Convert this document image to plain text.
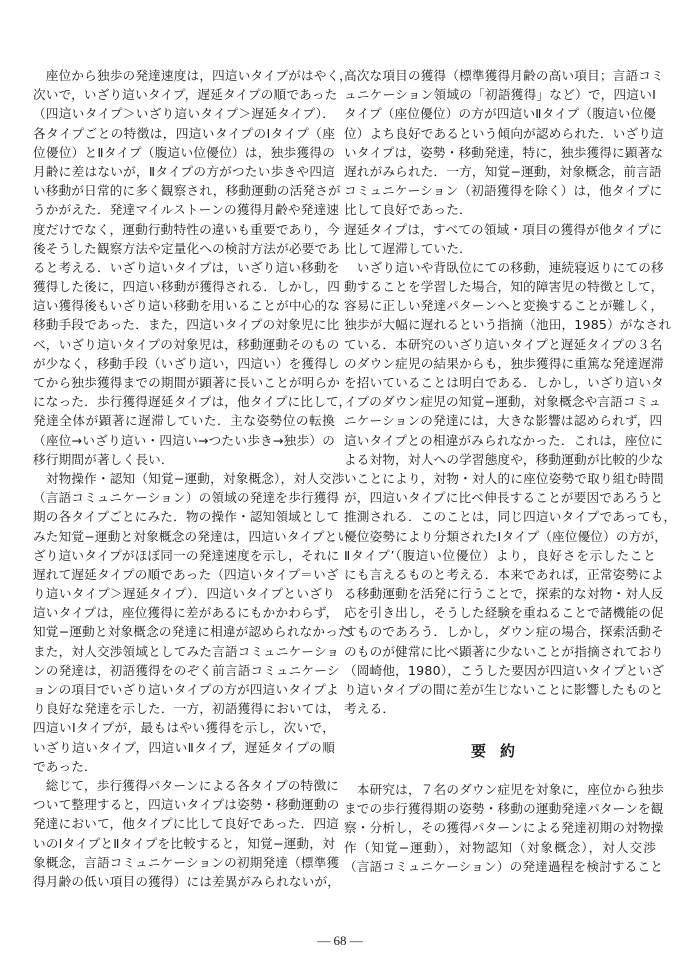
　座位から独歩の発達速度は，四這いタイプがはやく，
次いで，いざり這いタイプ，遅延タイプの順であった
（四這いタイプ＞いざり這いタイプ＞遅延タイプ）．
各タイプごとの特徴は，四這いタイプのⅠタイプ（座
位優位）とⅡタイプ（腹這い位優位）は，独歩獲得の
月齢に差はないが，Ⅱタイプの方がつたい歩きや四這
い移動が日常的に多く観察され，移動運動の活発さが
うかがえた．発達マイルストーンの獲得月齢や発達速
度だけでなく，運動行動特性の違いも重要であり，今
後そうした観察方法や定量化への検討方法が必要であ
ると考える．いざり這いタイプは，いざり這い移動を
獲得した後に，四這い移動が獲得される．しかし，四
這い獲得後もいざり這い移動を用いることが中心的な
移動手段であった．また，四這いタイプの対象児に比
べ，いざり這いタイプの対象児は，移動運動そのもの
が少なく，移動手段（いざり這い，四這い）を獲得し
てから独歩獲得までの期間が顕著に長いことが明らか
になった．歩行獲得遅延タイプは，他タイプに比して，
発達全体が顕著に遅滞していた．主な姿勢位の転換
（座位→いざり這い・四這い→つたい歩き→独歩）の
移行期間が著しく長い．
　対物操作・認知（知覚−運動，対象概念），対人交渉
（言語コミュニケーション）の領域の発達を歩行獲得
期の各タイプごとにみた．物の操作・認知領域として
みた知覚−運動と対象概念の発達は，四這いタイプとい
ざり這いタイプがほぼ同一の発達速度を示し，それに
遅れて遅延タイプの順であった（四這いタイプ＝いざ
り這いタイプ＞遅延タイプ）．四這いタイプといざり
這いタイプは，座位獲得に差があるにもかかわらず，
知覚−運動と対象概念の発達に相違が認められなかった．
また，対人交渉領域としてみた言語コミュニケーショ
ンの発達は，初語獲得をのぞく前言語コミュニケーシ
ョンの項目でいざり這いタイプの方が四這いタイプよ
り良好な発達を示した．一方，初語獲得においては，
四這いⅠタイプが，最もはやい獲得を示し，次いで，
いざり這いタイプ，四這いⅡタイプ，遅延タイプの順
であった．
　総じて，歩行獲得パターンによる各タイプの特徴に
ついて整理すると，四這いタイプは姿勢・移動運動の
発達において，他タイプに比して良好であった．四這
いのⅠタイプとⅡタイプを比較すると，知覚−運動，対
象概念，言語コミュニケーションの初期発達（標準獲
得月齢の低い項目の獲得）には差異がみられないが，
高次な項目の獲得（標準獲得月齢の高い項目；言語コミ
ュニケーション領域の「初語獲得」など）で，四這いⅠ
タイプ（座位優位）の方が四這いⅡタイプ（腹這い位優
位）よち良好であるという傾向が認められた．いざり這
いタイプは，姿勢・移動発達，特に，独歩獲得に顕著な
遅れがみられた．一方，知覚−運動，対象概念，前言語
コミュニケーション（初語獲得を除く）は，他タイプに
比して良好であった．
遅延タイプは，すべての領域・項目の獲得が他タイプに
比して遅滞していた．
　いざり這いや背臥位にての移動，連続寝返りにての移
動することを学習した場合，知的障害児の特徴として，
容易に正しい発達パターンへと変換することが難しく，
独歩が大幅に遅れるという指摘（池田，1985）がなされ
ている．本研究のいざり這いタイプと遅延タイプの３名
のダウン症児の結果からも，独歩獲得に重篤な発達遅滞
を招いていることは明白である．しかし，いざり這いタ
イプのダウン症児の知覚−運動，対象概念や言語コミュ
ニケーションの発達には，大きな影響は認められず，四
這いタイプとの相違がみられなかった．これは，座位に
よる対物，対人への学習態度や，移動運動が比較的少な
いことにより，対物・対人的に座位姿勢で取り組む時間
が，四這いタイプに比べ伸長することが要因であろうと
推測される．このことは，同じ四這いタイプであっても，
優位姿勢により分類されたⅠタイプ（座位優位）の方が，
Ⅱタイプ’（腹這い位優位）より，良好さを示したこと
にも言えるものと考える．本来であれば，正常姿勢によ
る移動運動を活発に行うことで，探索的な対物・対人反
応を引き出し，そうした経験を重ねることで諸機能の促
すものであろう．しかし，ダウン症の場合，探索活動そ
のものが健常に比べ顕著に少ないことが指摘されており
（岡崎他，1980），こうした要因が四這いタイプといざ
り這いタイプの間に差が生じないことに影響したものと
考える．
要約
　本研究は，７名のダウン症児を対象に，座位から独歩
までの歩行獲得期の姿勢・移動の運動発達パターンを観
察・分析し，その獲得パターンによる発達初期の対物操
作（知覚−運動），対物認知（対象概念），対人交渉
（言語コミュニケーション）の発達過程を検討すること
— 68 —
